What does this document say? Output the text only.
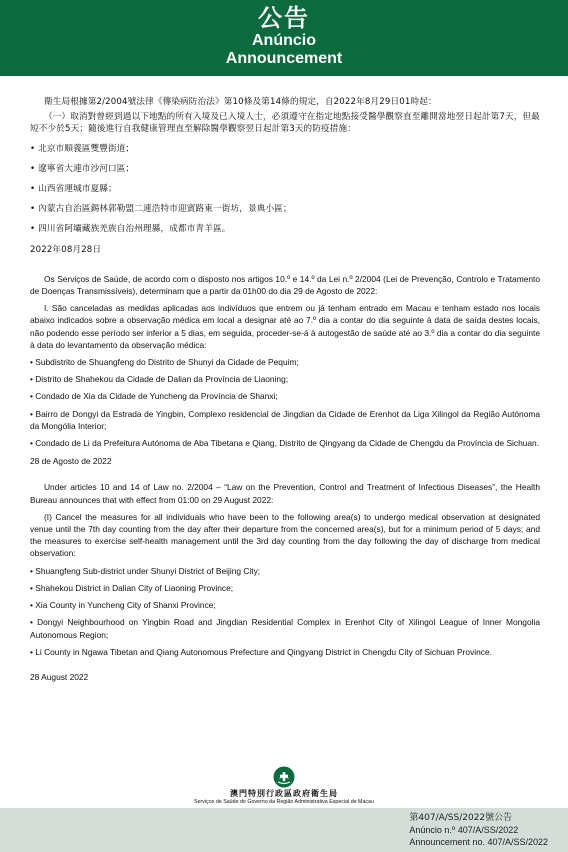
公告
Anúncio
Announcement

衛生局根據第2/2004號法律《傳染病防治法》第10條及第14條的規定，自2022年8月29日01時起：

（一）取消對曾經到過以下地點的所有入境及已入境人士，必須遵守在指定地點接受醫學觀察直至離開當地翌日起計第7天，但最短不少於5天；隨後進行自我健康管理直至解除醫學觀察翌日起計第3天的防疫措施：

• 北京市順義區雙豐街道；

• 遼寧省大連市沙河口區；

• 山西省運城市夏縣；

• 內蒙古自治區錫林郭勒盟二連浩特市迎賓路東一街坊，景典小區；

• 四川省阿壩藏族羌族自治州理縣，成都市青羊區。

2022年08月28日

Os Serviços de Saúde, de acordo com o disposto nos artigos 10.º e 14.º da Lei n.º 2/2004 (Lei de Prevenção, Controlo e Tratamento de Doenças Transmissíveis), determinam que a partir da 01h00 do dia 29 de Agosto de 2022:

I. São canceladas as medidas aplicadas aos indivíduos que entrem ou já tenham entrado em Macau e tenham estado nos locais abaixo indicados sobre a observação médica em local a designar até ao 7.º dia a contar do dia seguinte à data de saída destes locais, não podendo esse período ser inferior a 5 dias, em seguida, proceder-se-á à autogestão de saúde até ao 3.º dia a contar do dia seguinte à data do levantamento da observação médica:

• Subdistrito de Shuangfeng do Distrito de Shunyi da Cidade de Pequim;

• Distrito de Shahekou da Cidade de Dalian da Província de Liaoning;

• Condado de Xia da Cidade de Yuncheng da Província de Shanxi;

• Bairro de Dongyi da Estrada de Yingbin, Complexo residencial de Jingdian da Cidade de Erenhot da Liga Xilingol da Região Autónoma da Mongólia Interior;

• Condado de Li da Prefeitura Autónoma de Aba Tibetana e Qiang, Distrito de Qingyang da Cidade de Chengdu da Província de Sichuan.

28 de Agosto de 2022

Under articles 10 and 14 of Law no. 2/2004 – “Law on the Prevention, Control and Treatment of Infectious Diseases”, the Health Bureau announces that with effect from 01:00 on 29 August 2022:

(I) Cancel the measures for all individuals who have been to the following area(s) to undergo medical observation at designated venue until the 7th day counting from the day after their departure from the concerned area(s), but for a minimum period of 5 days; and the measures to exercise self-health management until the 3rd day counting from the day following the day of discharge from medical observation:

• Shuangfeng Sub-district under Shunyi District of Beijing City;

• Shahekou District in Dalian City of Liaoning Province;

• Xia County in Yuncheng City of Shanxi Province;

• Dongyi Neighbourhood on Yingbin Road and Jingdian Residential Complex in Erenhot City of Xilingol League of Inner Mongolia Autonomous Region;

• Li County in Ngawa Tibetan and Qiang Autonomous Prefecture and Qingyang District in Chengdu City of Sichuan Province.

28 August 2022

澳門特別行政區政府衛生局
Serviços de Saúde do Governo da Região Administrativa Especial de Macau
第407/A/SS/2022號公告
Anúncio n.º 407/A/SS/2022
Announcement no. 407/A/SS/2022
